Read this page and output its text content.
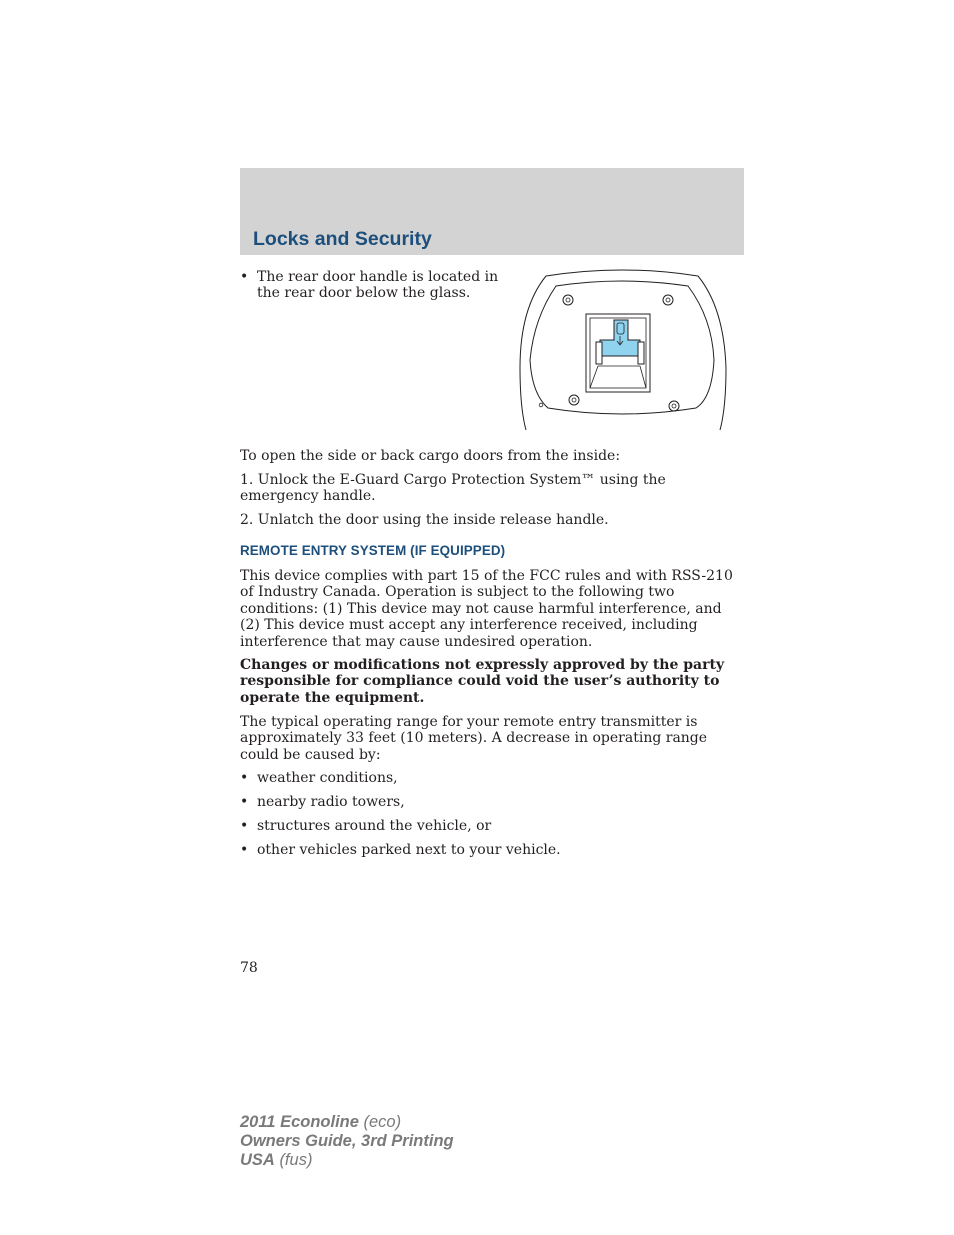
Locks and Security
• The rear door handle is located in the rear door below the glass.

To open the side or back cargo doors from the inside:

1. Unlock the E-Guard Cargo Protection System™ using the emergency handle.

2. Unlatch the door using the inside release handle.

REMOTE ENTRY SYSTEM (IF EQUIPPED)

This device complies with part 15 of the FCC rules and with RSS-210 of Industry Canada. Operation is subject to the following two conditions: (1) This device may not cause harmful interference, and (2) This device must accept any interference received, including interference that may cause undesired operation.

Changes or modifications not expressly approved by the party responsible for compliance could void the user’s authority to operate the equipment.

The typical operating range for your remote entry transmitter is approximately 33 feet (10 meters). A decrease in operating range could be caused by:

• weather conditions,
• nearby radio towers,
• structures around the vehicle, or
• other vehicles parked next to your vehicle.

78

2011 Econoline (eco)
Owners Guide, 3rd Printing
USA (fus)
